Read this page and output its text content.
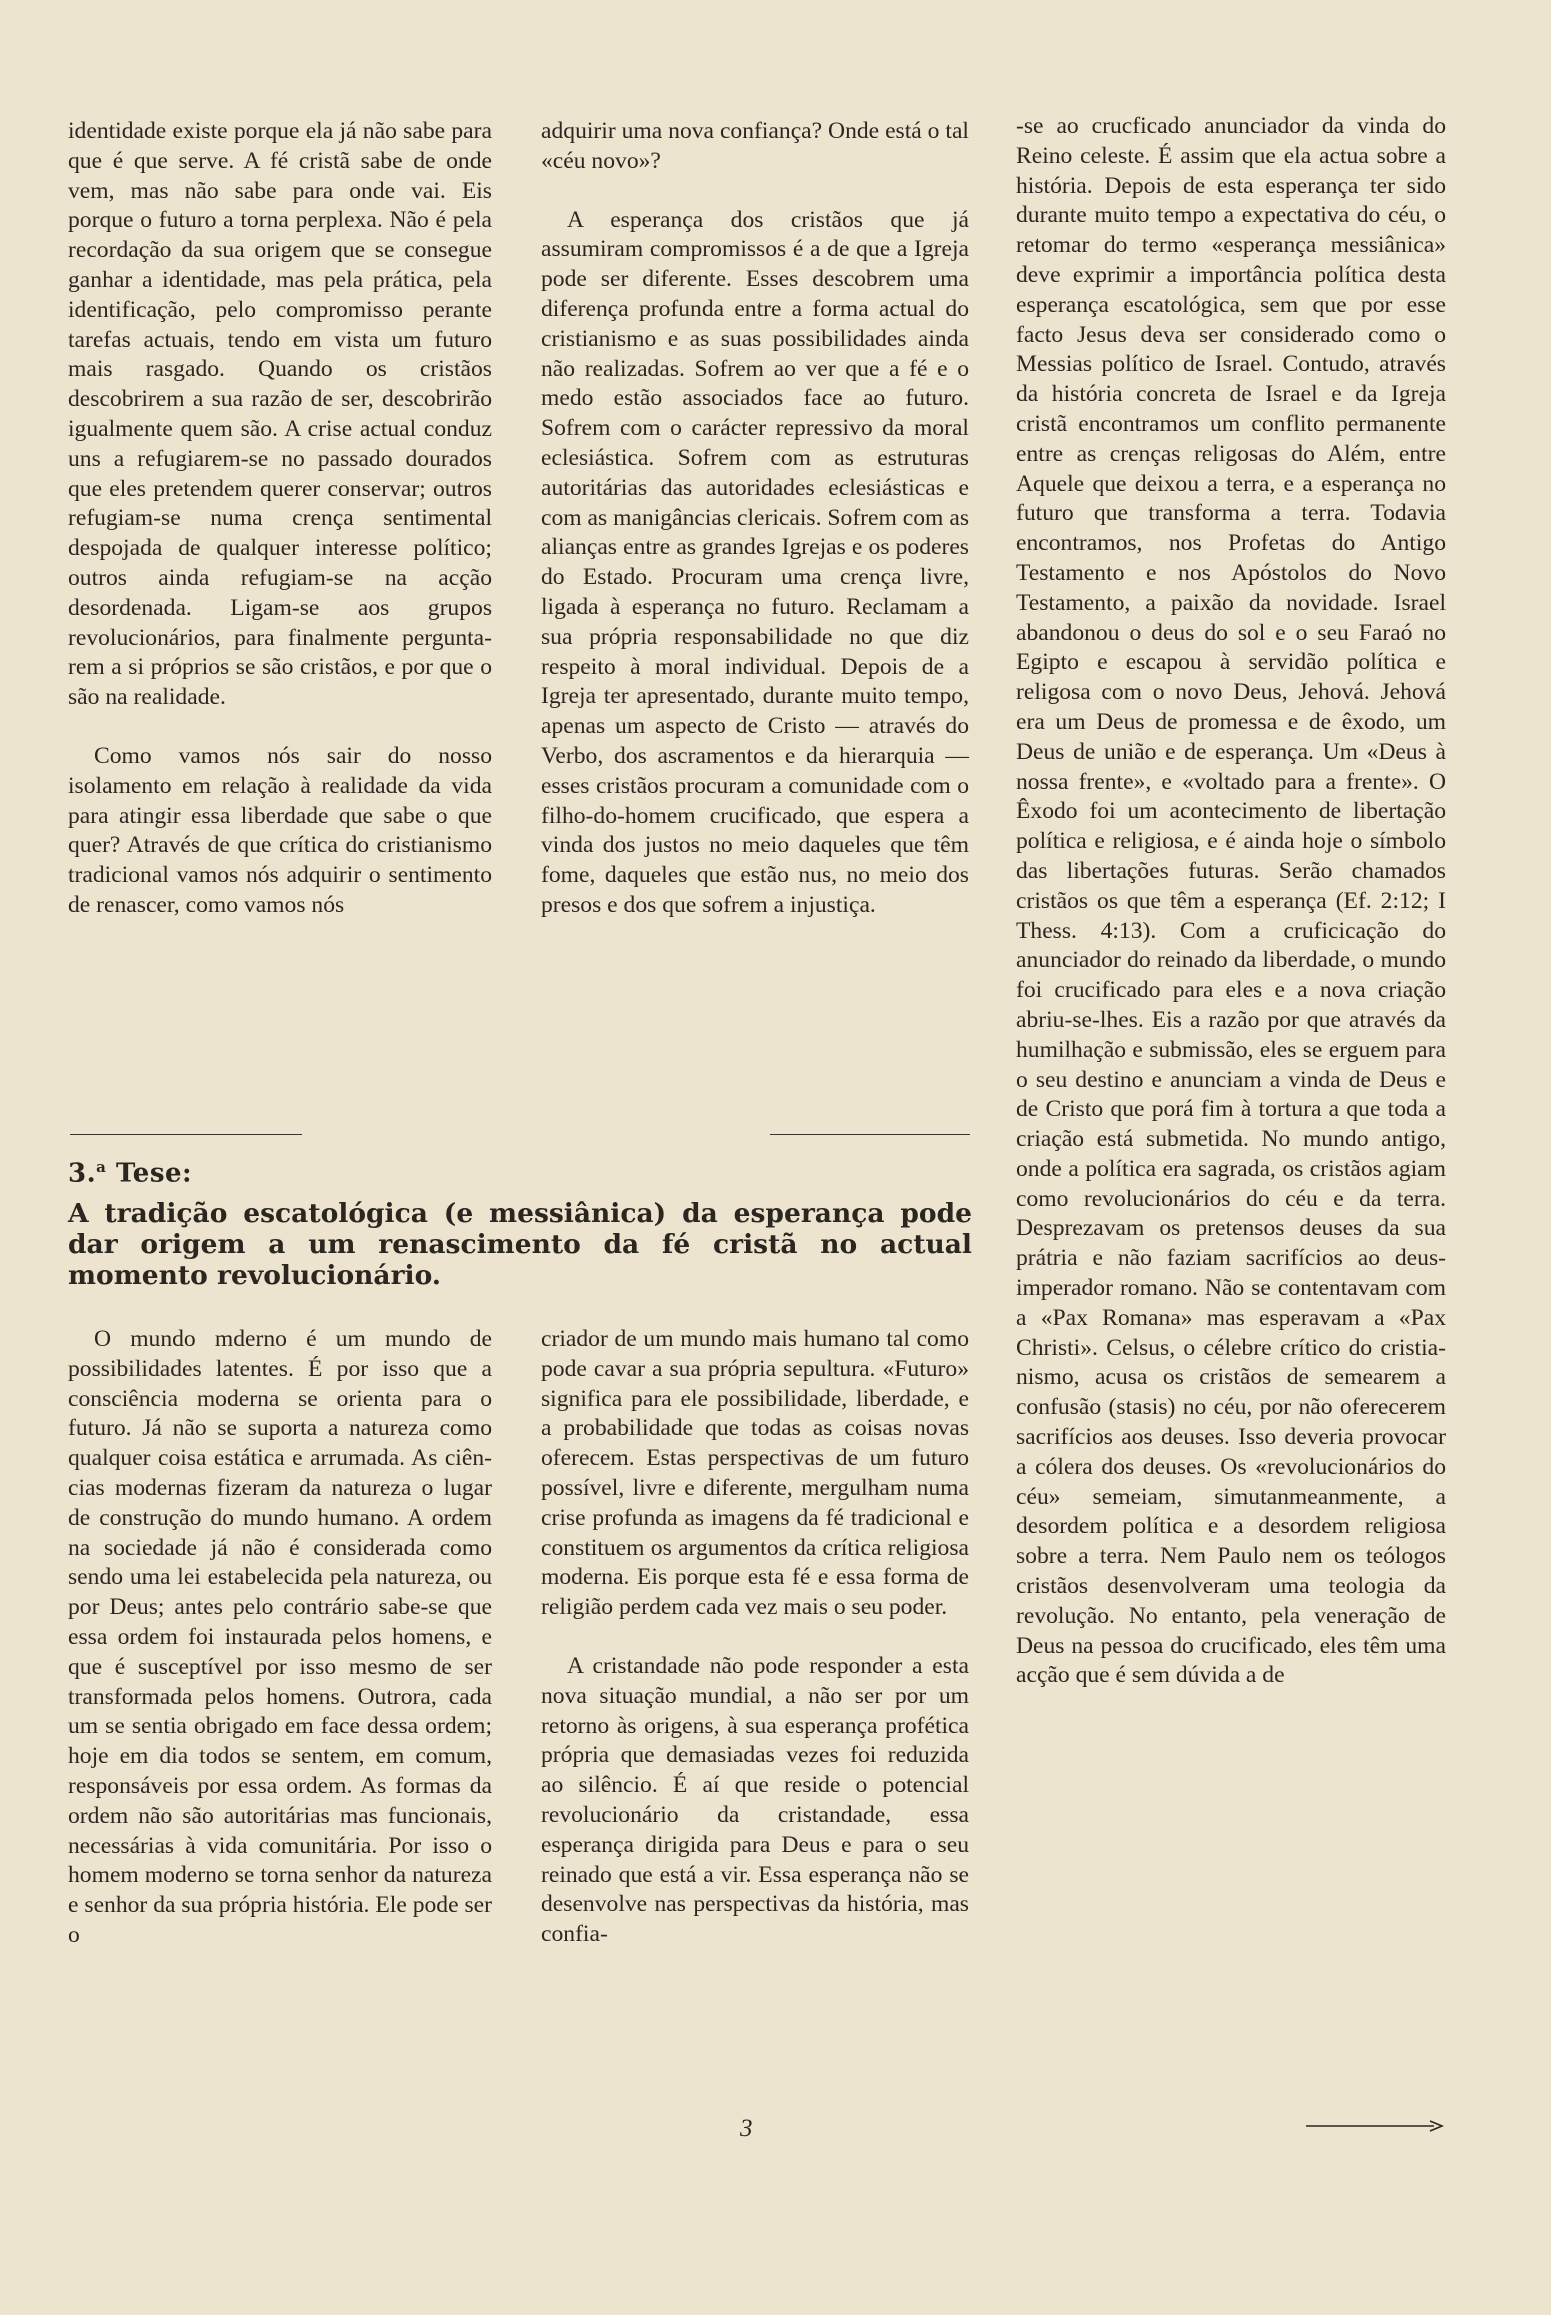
identidade existe porque ela já não sabe para que é que serve. A fé cristã sabe de onde vem, mas não sabe para onde vai. Eis porque o futuro a torna perplexa. Não é pela recordação da sua origem que se consegue ganhar a identidade, mas pela prática, pela identificação, pelo compromisso perante tarefas actuais, tendo em vista um futuro mais rasgado. Quando os cristãos descobrirem a sua razão de ser, descobrirão igualmente quem são. A crise actual conduz uns a refugiarem-se no passado dourados que eles pretendem querer conservar; outros refugiam-se numa crença sentimental despojada de qualquer interesse político; outros ainda refugiam-se na acção desordenada. Ligam-se aos grupos revolucionários, para finalmente perguntarem a si próprios se são cristãos, e por que o são na realidade.

Como vamos nós sair do nosso isolamento em relação à realidade da vida para atingir essa liberdade que sabe o que quer? Através de que crítica do cristianismo tradicional vamos nós adquirir o sentimento de renascer, como vamos nós

adquirir uma nova confiança? Onde está o tal «céu novo»?

A esperança dos cristãos que já assumiram compromissos é a de que a Igreja pode ser diferente. Esses descobrem uma diferença profunda entre a forma actual do cristianismo e as suas possibilidades ainda não realizadas. Sofrem ao ver que a fé e o medo estão associados face ao futuro. Sofrem com o carácter repressivo da moral eclesiástica. Sofrem com as estruturas autoritárias das autoridades eclesiásticas e com as manigâncias clericais. Sofrem com as alianças entre as grandes Igrejas e os poderes do Estado. Procuram uma crença livre, ligada à esperança no futuro. Reclamam a sua própria responsabilidade no que diz respeito à moral individual. Depois de a Igreja ter apresentado, durante muito tempo, apenas um aspecto de Cristo — através do Verbo, dos ascramentos e da hierarquia — esses cristãos procuram a comunidade com o filho-do-homem crucificado, que espera a vinda dos justos no meio daqueles que têm fome, daqueles que estão nus, no meio dos presos e dos que sofrem a injustiça.

-se ao crucficado anunciador da vinda do Reino celeste. É assim que ela actua sobre a história. Depois de esta esperança ter sido durante muito tempo a expectativa do céu, o retomar do termo «esperança messiânica» deve exprimir a importância política desta esperança escatológica, sem que por esse facto Jesus deva ser considerado como o Messias político de Israel. Contudo, através da história concreta de Israel e da Igreja cristã encontramos um conflito permanente entre as crenças religosas do Além, entre Aquele que deixou a terra, e a esperança no futuro que transforma a terra. Todavia encontramos, nos Profetas do Antigo Testamento e nos Apóstolos do Novo Testamento, a paixão da novidade. Israel abandonou o deus do sol e o seu Faraó no Egipto e escapou à servidão política e religosa com o novo Deus, Jehová. Jehová era um Deus de promessa e de êxodo, um Deus de união e de esperança. Um «Deus à nossa frente», e «voltado para a frente». O Êxodo foi um acontecimento de libertação política e religiosa, e é ainda hoje o símbolo das libertações futuras. Serão chamados cristãos os que têm a esperança (Ef. 2:12; I Thess. 4:13). Com a cruficicação do anunciador do reinado da liberdade, o mundo foi crucificado para eles e a nova criação abriu-se-lhes. Eis a razão por que através da humilhação e submissão, eles se erguem para o seu destino e anunciam a vinda de Deus e de Cristo que porá fim à tortura a que toda a criação está submetida. No mundo antigo, onde a política era sagrada, os cristãos agiam como revolucionários do céu e da terra. Desprezavam os pretensos deuses da sua prátria e não faziam sacrifícios ao deus-imperador romano. Não se contentavam com a «Pax Romana» mas esperavam a «Pax Christi». Celsus, o célebre crítico do cristianismo, acusa os cristãos de semearem a confusão (stasis) no céu, por não oferecerem sacrifícios aos deuses. Isso deveria provocar a cólera dos deuses. Os «revolucionários do céu» semeiam, simutanmeanmente, a desordem política e a desordem religiosa sobre a terra. Nem Paulo nem os teólogos cristãos desenvolveram uma teologia da revolução. No entanto, pela veneração de Deus na pessoa do crucificado, eles têm uma acção que é sem dúvida a de

3.$^a$ Tese:
A tradição escatológica (e messiânica) da esperança pode dar origem a um renascimento da fé cristã no actual momento revolucionário.

O mundo mderno é um mundo de possibilidades latentes. É por isso que a consciência moderna se orienta para o futuro. Já não se suporta a natureza como qualquer coisa estática e arrumada. As ciências modernas fizeram da natureza o lugar de construção do mundo humano. A ordem na sociedade já não é considerada como sendo uma lei estabelecida pela natureza, ou por Deus; antes pelo contrário sabe-se que essa ordem foi instaurada pelos homens, e que é susceptível por isso mesmo de ser transformada pelos homens. Outrora, cada um se sentia obrigado em face dessa ordem; hoje em dia todos se sentem, em comum, responsáveis por essa ordem. As formas da ordem não são autoritárias mas funcionais, necessárias à vida comunitária. Por isso o homem moderno se torna senhor da natureza e senhor da sua própria história. Ele pode ser o

criador de um mundo mais humano tal como pode cavar a sua própria sepultura. «Futuro» significa para ele possibilidade, liberdade, e a probabilidade que todas as coisas novas oferecem. Estas perspectivas de um futuro possível, livre e diferente, mergulham numa crise profunda as imagens da fé tradicional e constituem os argumentos da crítica religiosa moderna. Eis porque esta fé e essa forma de religião perdem cada vez mais o seu poder.

A cristandade não pode responder a esta nova situação mundial, a não ser por um retorno às origens, à sua esperança profética própria que demasiadas vezes foi reduzida ao silêncio. É aí que reside o potencial revolucionário da cristandade, essa esperança dirigida para Deus e para o seu reinado que está a vir. Essa esperança não se desenvolve nas perspectivas da história, mas confia-

3
